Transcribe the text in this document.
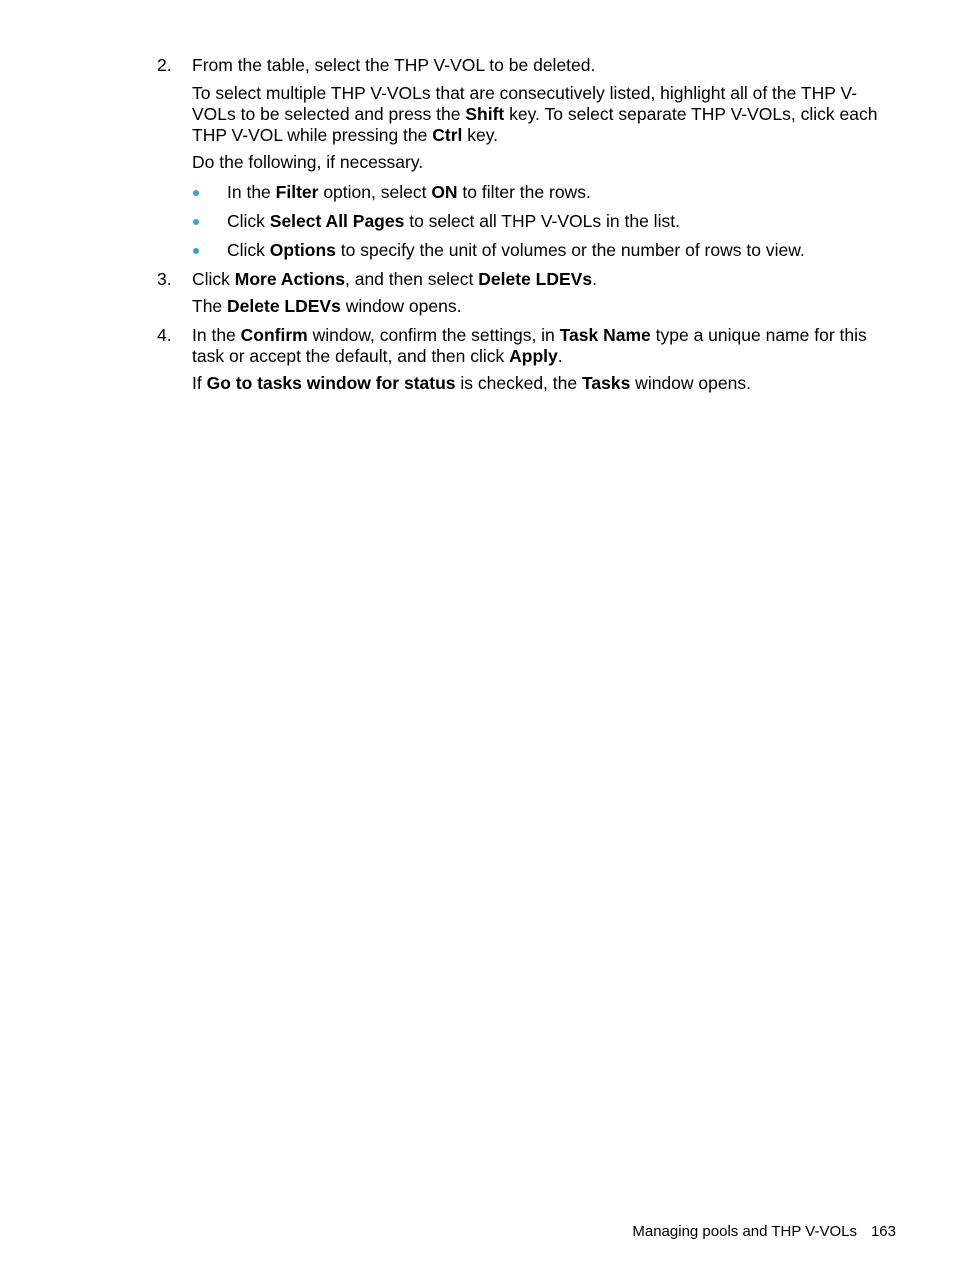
2.	From the table, select the THP V-VOL to be deleted.

To select multiple THP V-VOLs that are consecutively listed, highlight all of the THP V-VOLs to be selected and press the Shift key. To select separate THP V-VOLs, click each THP V-VOL while pressing the Ctrl key.

Do the following, if necessary.

In the Filter option, select ON to filter the rows.
Click Select All Pages to select all THP V-VOLs in the list.
Click Options to specify the unit of volumes or the number of rows to view.
3.	Click More Actions, and then select Delete LDEVs.

The Delete LDEVs window opens.

4.	In the Confirm window, confirm the settings, in Task Name type a unique name for this task or accept the default, and then click Apply.

If Go to tasks window for status is checked, the Tasks window opens.

Managing pools and THP V-VOLs 163
